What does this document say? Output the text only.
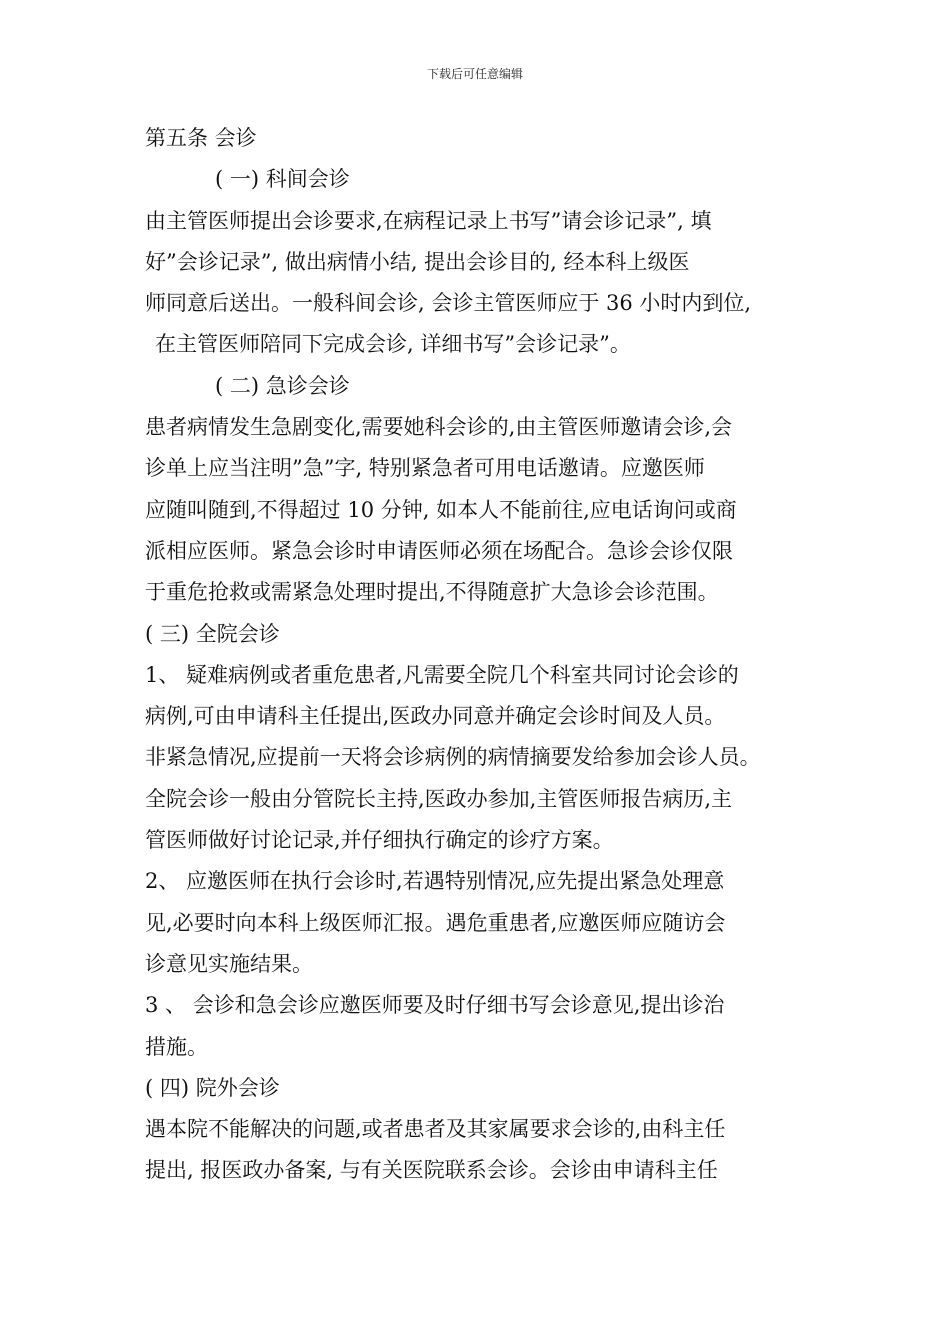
下载后可任意编辑
第五条 会诊
( 一) 科间会诊
由主管医师提出会诊要求,在病程记录上书写”请会诊记录”, 填
好”会诊记录”, 做出病情小结, 提出会诊目的, 经本科上级医
师同意后送出。一般科间会诊, 会诊主管医师应于 36 小时内到位,
在主管医师陪同下完成会诊, 详细书写”会诊记录”。
( 二) 急诊会诊
患者病情发生急剧变化,需要她科会诊的,由主管医师邀请会诊,会
诊单上应当注明”急”字, 特别紧急者可用电话邀请。应邀医师
应随叫随到,不得超过 10 分钟, 如本人不能前往,应电话询问或商
派相应医师。紧急会诊时申请医师必须在场配合。急诊会诊仅限
于重危抢救或需紧急处理时提出,不得随意扩大急诊会诊范围。
( 三) 全院会诊
1、 疑难病例或者重危患者,凡需要全院几个科室共同讨论会诊的
病例,可由申请科主任提出,医政办同意并确定会诊时间及人员。
非紧急情况,应提前一天将会诊病例的病情摘要发给参加会诊人员。
全院会诊一般由分管院长主持,医政办参加,主管医师报告病历,主
管医师做好讨论记录,并仔细执行确定的诊疗方案。
2、 应邀医师在执行会诊时,若遇特别情况,应先提出紧急处理意
见,必要时向本科上级医师汇报。遇危重患者,应邀医师应随访会
诊意见实施结果。
3 、 会诊和急会诊应邀医师要及时仔细书写会诊意见,提出诊治
措施。
( 四) 院外会诊
遇本院不能解决的问题,或者患者及其家属要求会诊的,由科主任
提出, 报医政办备案, 与有关医院联系会诊。会诊由申请科主任
